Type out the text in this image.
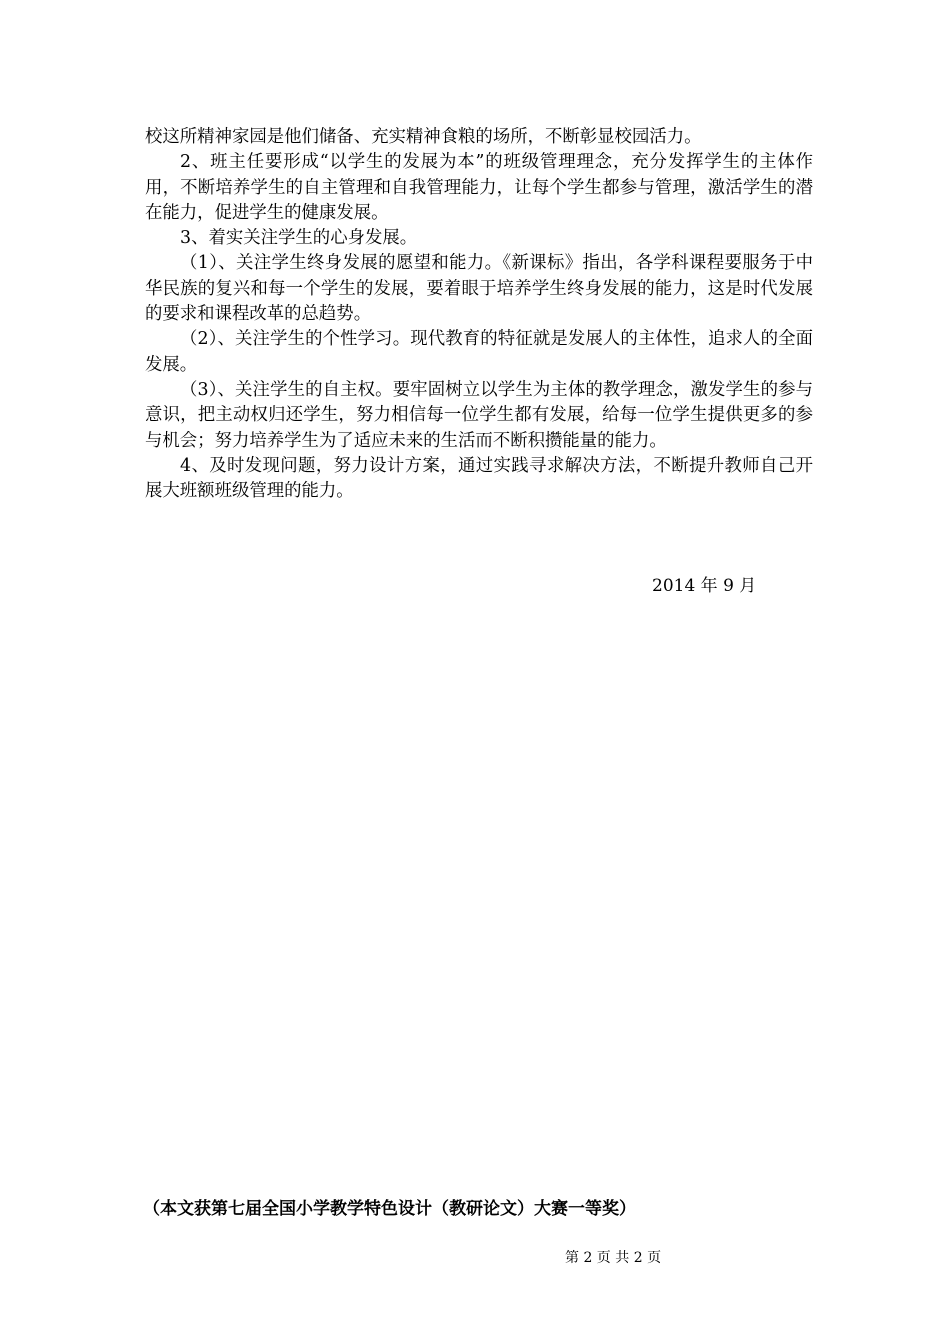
校这所精神家园是他们储备、充实精神食粮的场所，不断彰显校园活力。

2、班主任要形成“以学生的发展为本”的班级管理理念，充分发挥学生的主体作用，不断培养学生的自主管理和自我管理能力，让每个学生都参与管理，激活学生的潜在能力，促进学生的健康发展。

3、着实关注学生的心身发展。

（1）、关注学生终身发展的愿望和能力。《新课标》指出，各学科课程要服务于中华民族的复兴和每一个学生的发展，要着眼于培养学生终身发展的能力，这是时代发展的要求和课程改革的总趋势。

（2）、关注学生的个性学习。现代教育的特征就是发展人的主体性，追求人的全面发展。

（3）、关注学生的自主权。要牢固树立以学生为主体的教学理念，激发学生的参与意识，把主动权归还学生，努力相信每一位学生都有发展，给每一位学生提供更多的参与机会；努力培养学生为了适应未来的生活而不断积攒能量的能力。

4、及时发现问题，努力设计方案，通过实践寻求解决方法，不断提升教师自己开展大班额班级管理的能力。

2014 年 9 月
（本文获第七届全国小学教学特色设计（教研论文）大赛一等奖）
第 2 页 共 2 页
